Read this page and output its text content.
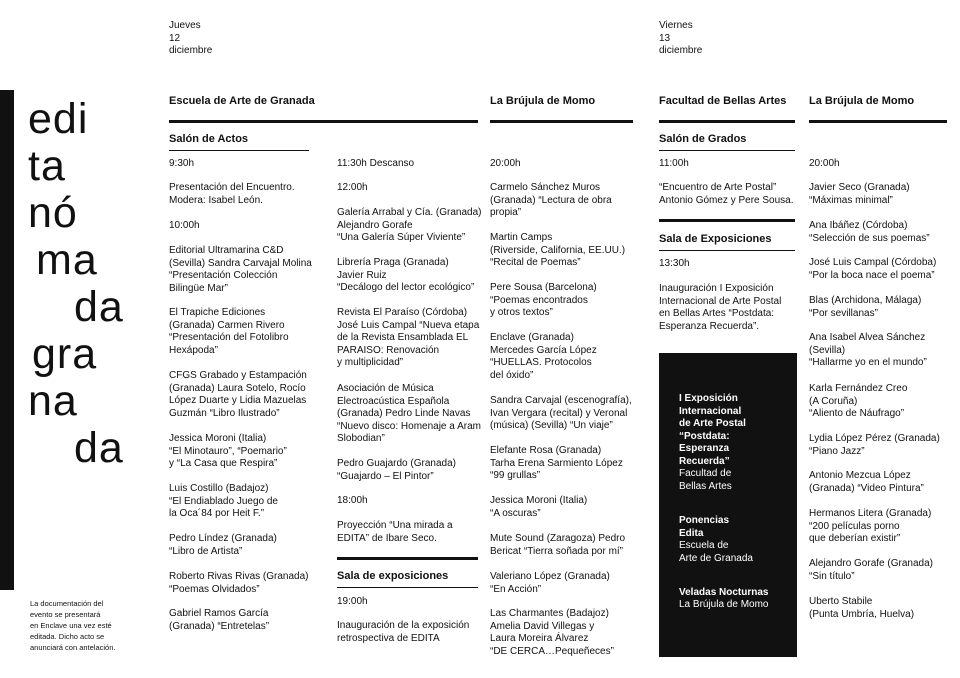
Jueves
12
diciembre
Viernes
13
diciembre
edi
ta
nó
ma
da
gra
na
da
La documentación del
evento se presentará
en Enclave una vez esté
editada. Dicho acto se
anunciará con antelación.
Escuela de Arte de Granada	La Brújula de Momo	Facultad de Bellas Artes La Brújula de Momo
Salón de Actos
9:30h
Presentación del Encuentro.
Modera: Isabel León.
10:00h
Editorial Ultramarina C&D
(Sevilla) Sandra Carvajal Molina
“Presentación Colección
Bilingüe Mar”
El Trapiche Ediciones
(Granada) Carmen Rivero
“Presentación del Fotolibro
Hexápoda”
CFGS Grabado y Estampación
(Granada) Laura Sotelo, Rocío
López Duarte y Lidia Mazuelas
Guzmán “Libro Ilustrado”
Jessica Moroni (Italia)
“El Minotauro”, “Poemario”
y “La Casa que Respira”
Luis Costillo (Badajoz)
“El Endiablado Juego de
la Oca´84 por Heit F.”
Pedro Líndez (Granada)
“Libro de Artista”
Roberto Rivas Rivas (Granada)
“Poemas Olvidados”
Gabriel Ramos García
(Granada) “Entretelas”
11:30h Descanso
12:00h
Galería Arrabal y Cía. (Granada)
Alejandro Gorafe
“Una Galería Súper Viviente”
Librería Praga (Granada)
Javier Ruiz
“Decálogo del lector ecológico”
Revista El Paraíso (Córdoba)
José Luis Campal “Nueva etapa
de la Revista Ensamblada EL
PARAISO: Renovación
y multiplicidad”
Asociación de Música
Electroacústica Española
(Granada) Pedro Linde Navas
“Nuevo disco: Homenaje a Aram
Slobodian”
Pedro Guajardo (Granada)
“Guajardo – El Pintor”
18:00h
Proyección “Una mirada a
EDITA” de Ibare Seco.
Sala de exposiciones
19:00h
Inauguración de la exposición
retrospectiva de EDITA
20:00h
Carmelo Sánchez Muros
(Granada) “Lectura de obra
propia”
Martin Camps
(Riverside, California, EE.UU.)
“Recital de Poemas”
Pere Sousa (Barcelona)
“Poemas encontrados
y otros textos”
Enclave (Granada)
Mercedes García López
“HUELLAS. Protocolos
del óxido”
Sandra Carvajal (escenografía),
Ivan Vergara (recital) y Veronal
(música) (Sevilla) “Un viaje”
Elefante Rosa (Granada)
Tarha Erena Sarmiento López
“99 grullas”
Jessica Moroni (Italia)
“A oscuras”
Mute Sound (Zaragoza) Pedro
Bericat “Tierra soñada por mí”
Valeriano López (Granada)
“En Acción”
Las Charmantes (Badajoz)
Amelia David Villegas y
Laura Moreira Álvarez
“DE CERCA…Pequeñeces”
Salón de Grados
11:00h
“Encuentro de Arte Postal”
Antonio Gómez y Pere Sousa.
Sala de Exposiciones
13:30h
Inauguración I Exposición
Internacional de Arte Postal
en Bellas Artes “Postdata:
Esperanza Recuerda”.
I Exposición
Internacional
de Arte Postal
“Postdata:
Esperanza
Recuerda”
Facultad de
Bellas Artes
Ponencias
Edita
Escuela de
Arte de Granada
Veladas Nocturnas
La Brújula de Momo
20:00h
Javier Seco (Granada)
“Máximas minimal”
Ana Ibáñez (Córdoba)
“Selección de sus poemas”
José Luis Campal (Córdoba)
“Por la boca nace el poema”
Blas (Archidona, Málaga)
“Por sevillanas”
Ana Isabel Alvea Sánchez
(Sevilla)
“Hallarme yo en el mundo”
Karla Fernández Creo
(A Coruña)
“Aliento de Náufrago”
Lydia López Pérez (Granada)
“Piano Jazz”
Antonio Mezcua López
(Granada) “Video Pintura”
Hermanos Litera (Granada)
“200 películas porno
que deberían existir”
Alejandro Gorafe (Granada)
“Sin título”
Uberto Stabile
(Punta Umbría, Huelva)
